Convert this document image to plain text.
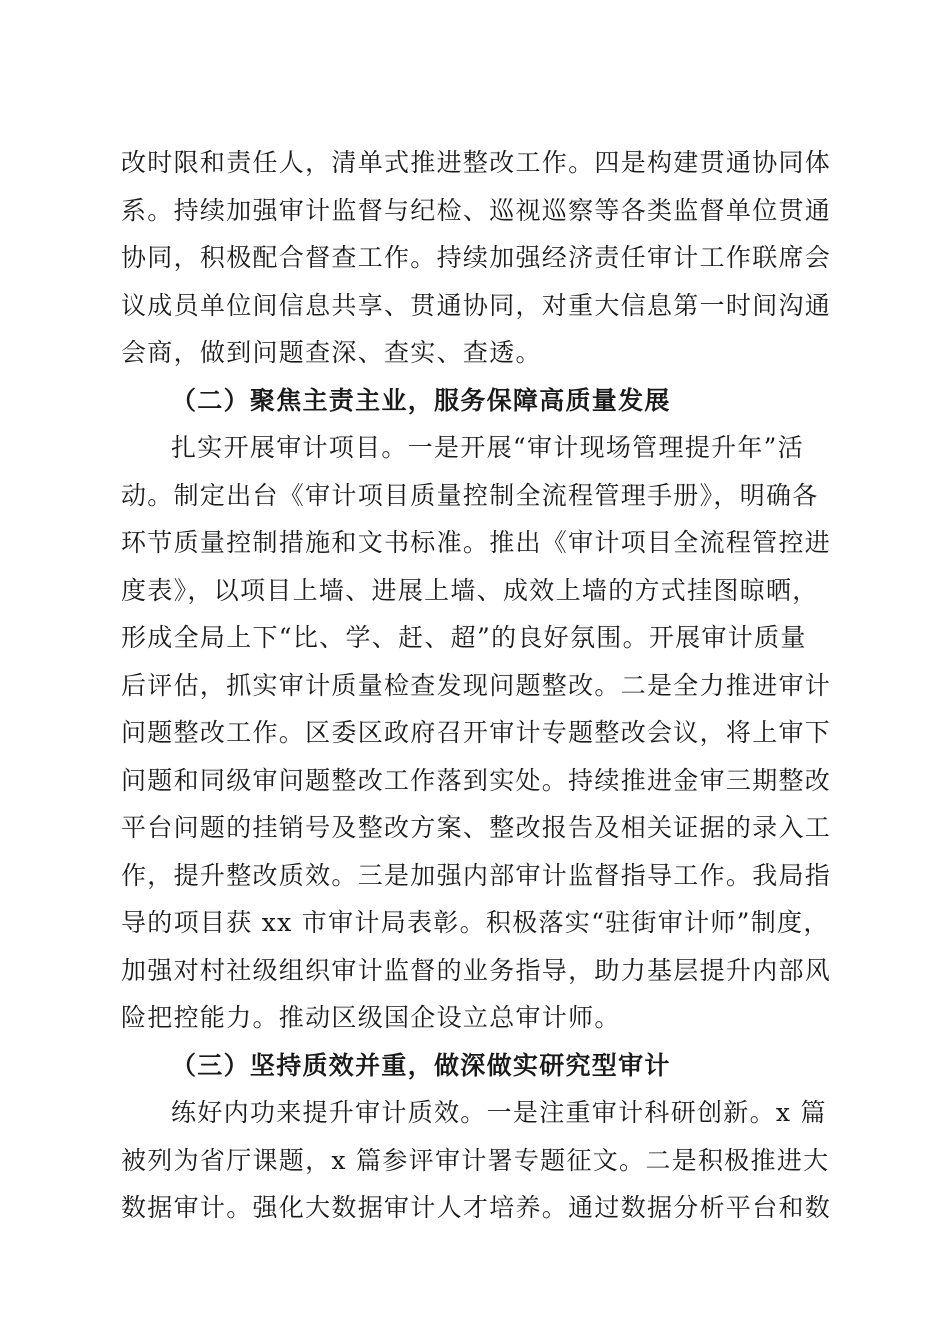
改时限和责任人，清单式推进整改工作。四是构建贯通协同体
系。持续加强审计监督与纪检、巡视巡察等各类监督单位贯通
协同，积极配合督查工作。持续加强经济责任审计工作联席会
议成员单位间信息共享、贯通协同，对重大信息第一时间沟通
会商，做到问题查深、查实、查透。
（二）聚焦主责主业，服务保障高质量发展
扎实开展审计项目。一是开展“审计现场管理提升年”活
动。制定出台《审计项目质量控制全流程管理手册》，明确各
环节质量控制措施和文书标准。推出《审计项目全流程管控进
度表》，以项目上墙、进展上墙、成效上墙的方式挂图晾晒，
形成全局上下“比、学、赶、超”的良好氛围。开展审计质量
后评估，抓实审计质量检查发现问题整改。二是全力推进审计
问题整改工作。区委区政府召开审计专题整改会议，将上审下
问题和同级审问题整改工作落到实处。持续推进金审三期整改
平台问题的挂销号及整改方案、整改报告及相关证据的录入工
作，提升整改质效。三是加强内部审计监督指导工作。我局指
导的项目获 xx 市审计局表彰。积极落实“驻街审计师”制度，
加强对村社级组织审计监督的业务指导，助力基层提升内部风
险把控能力。推动区级国企设立总审计师。
（三）坚持质效并重，做深做实研究型审计
练好内功来提升审计质效。一是注重审计科研创新。x 篇
被列为省厅课题，x 篇参评审计署专题征文。二是积极推进大
数据审计。强化大数据审计人才培养。通过数据分析平台和数
